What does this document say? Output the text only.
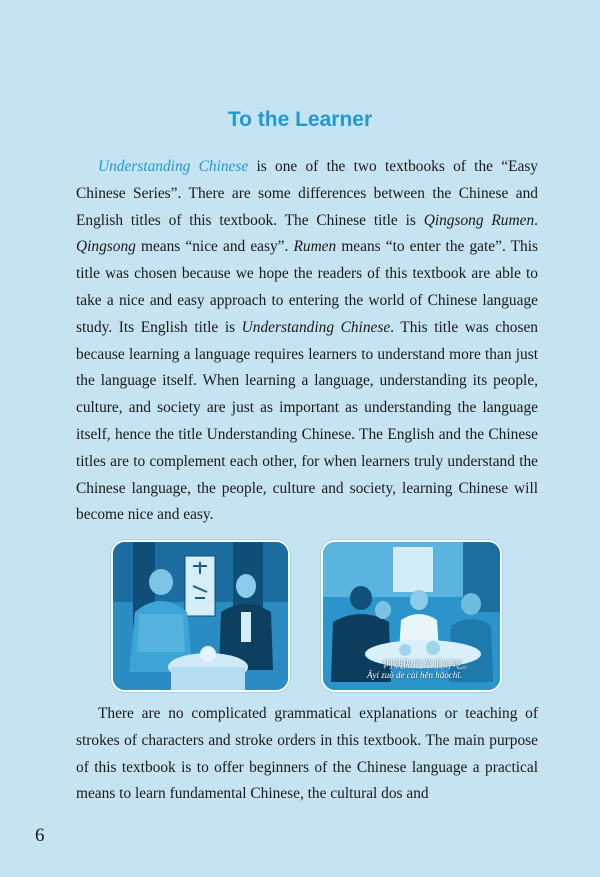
To the Learner

Understanding Chinese is one of the two textbooks of the “Easy Chinese Series”. There are some differences between the Chinese and English titles of this textbook. The Chinese title is Qingsong Rumen. Qingsong means “nice and easy”. Rumen means “to enter the gate”. This title was chosen because we hope the readers of this textbook are able to take a nice and easy approach to entering the world of Chinese language study. Its English title is Understanding Chinese. This title was chosen because learning a language requires learners to understand more than just the language itself. When learning a language, understanding its people, culture, and society are just as important as understanding the language itself, hence the title Understanding Chinese. The English and the Chinese titles are to complement each other, for when learners truly understand the Chinese language, the people, culture and society, learning Chinese will become nice and easy.

阿姨做的菜很好吃。
Āyí zuò de cài hěn hǎochī.

There are no complicated grammatical explanations or teaching of strokes of characters and stroke orders in this textbook. The main purpose of this textbook is to offer beginners of the Chinese language a practical means to learn fundamental Chinese, the cultural dos and

6
